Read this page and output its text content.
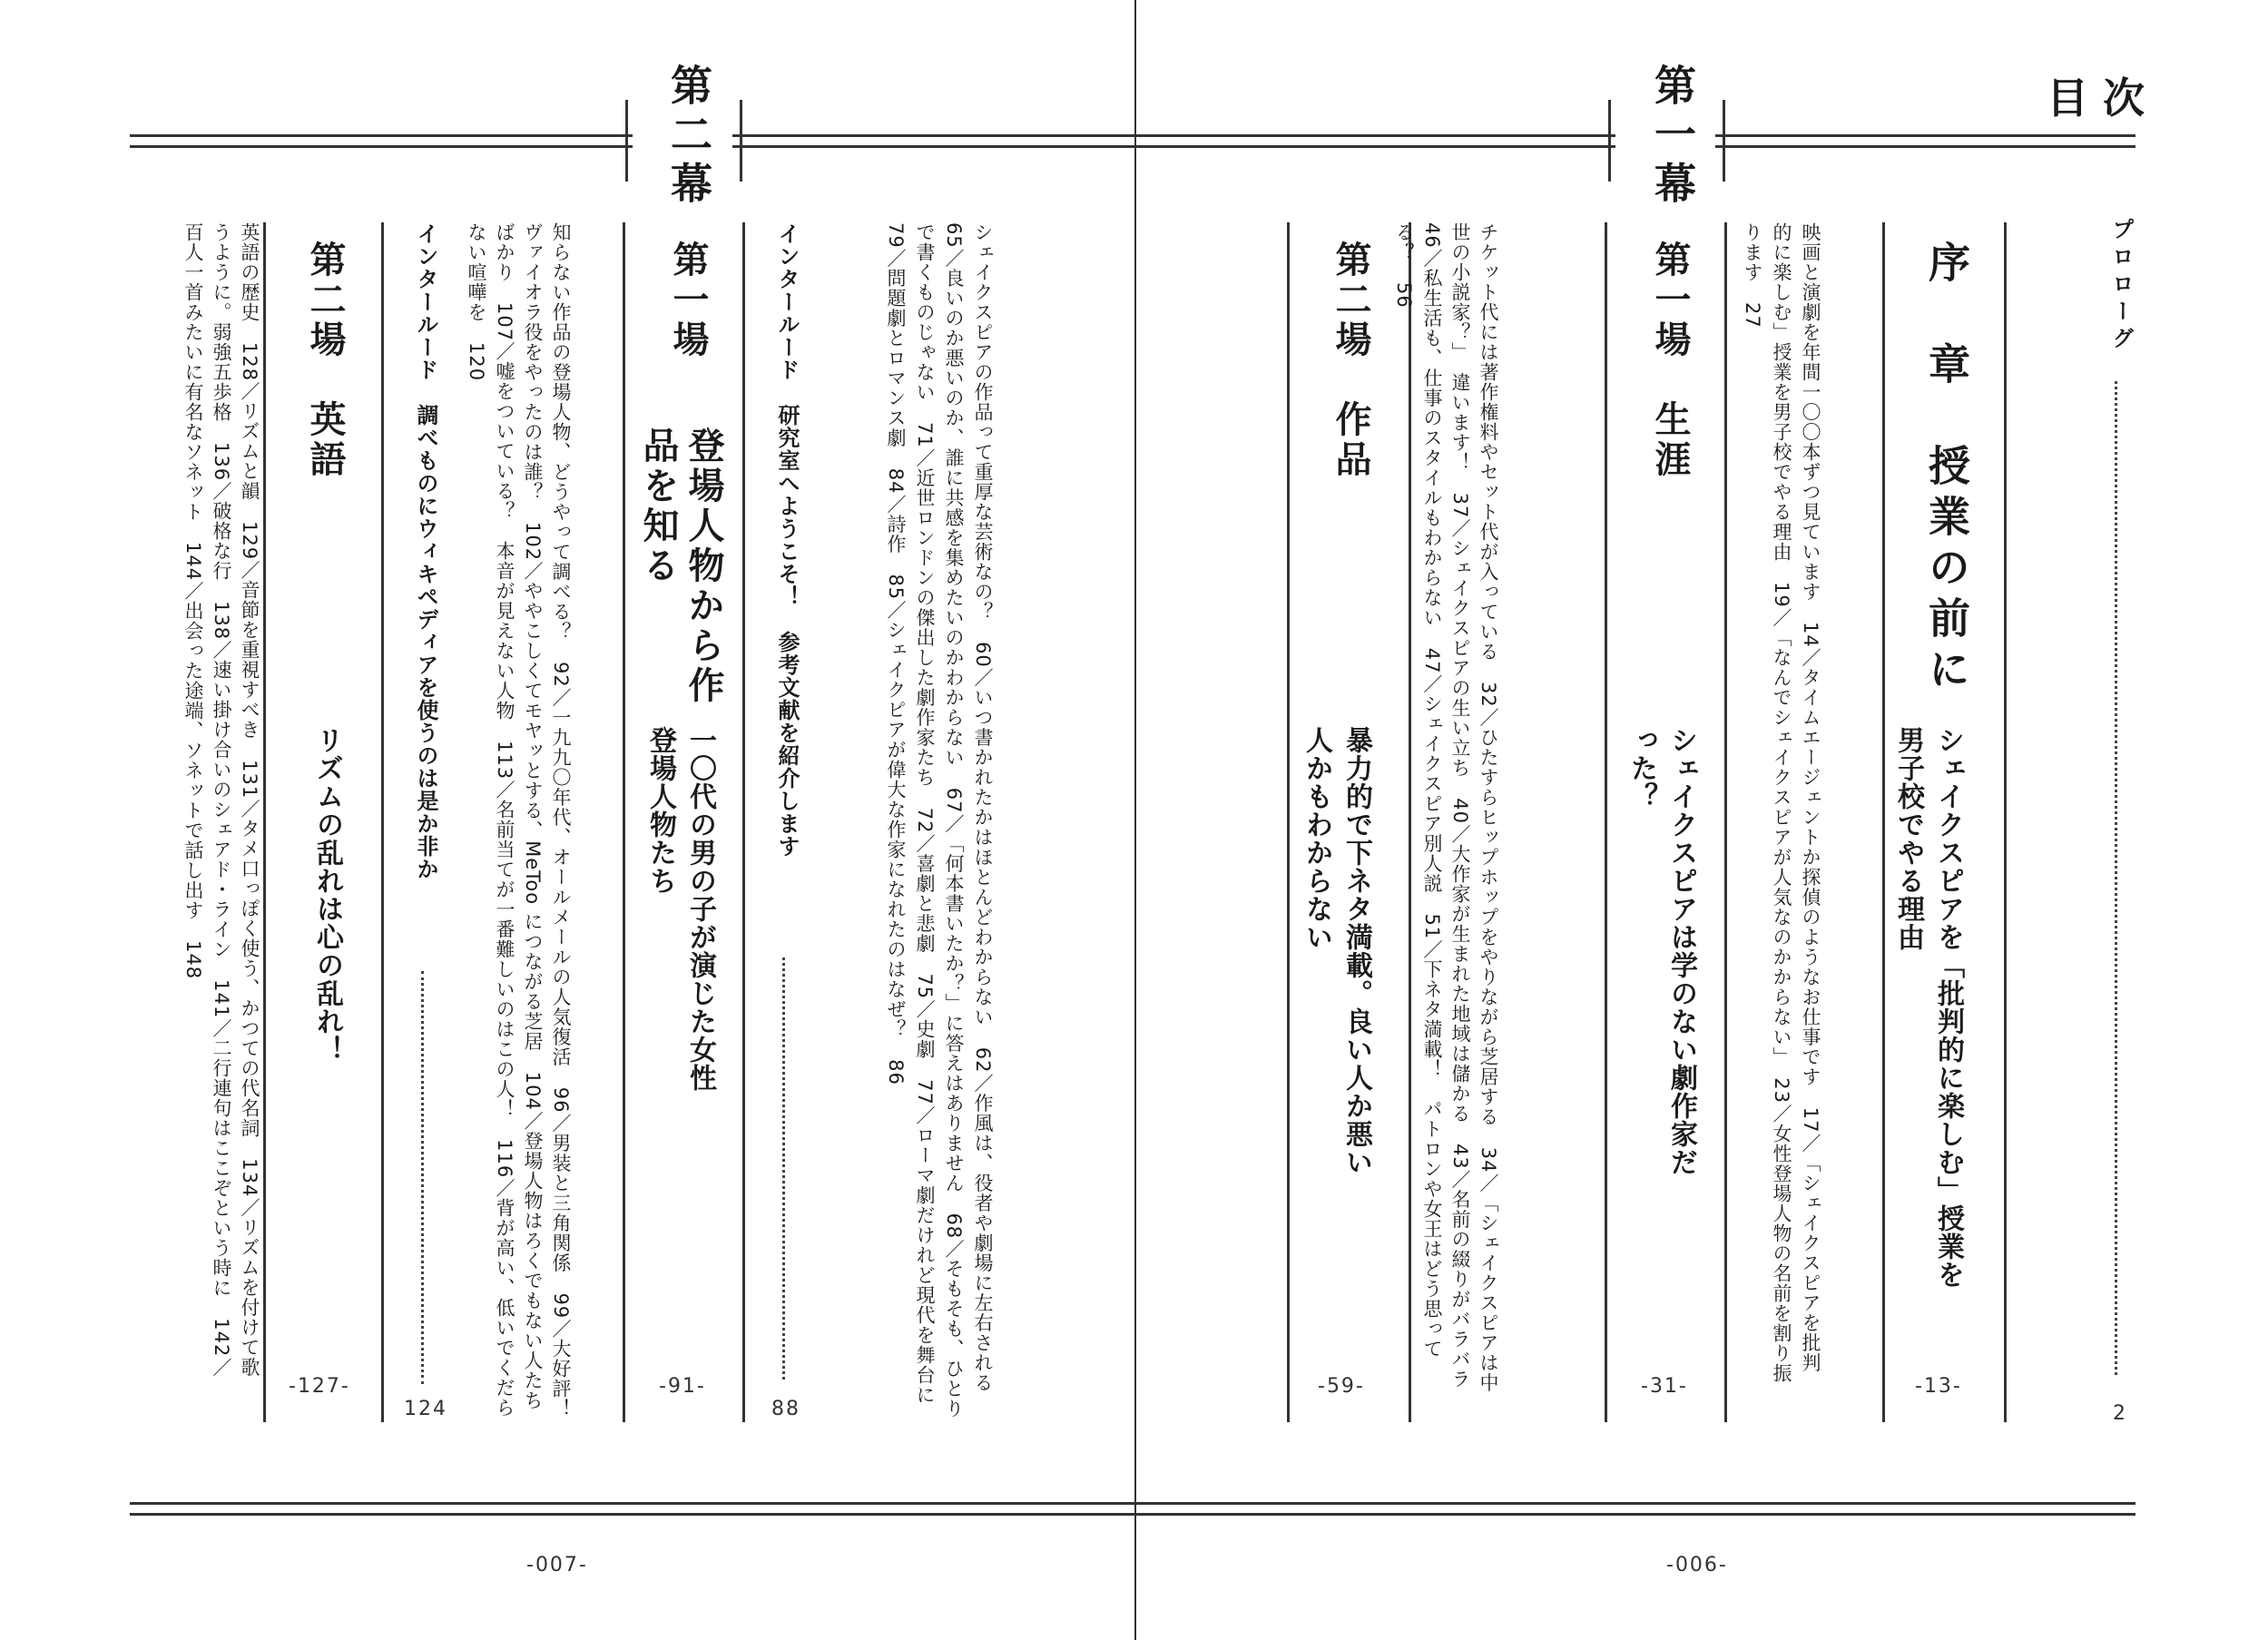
目次
プロローグ
2
序　章　授業の前に
シェイクスピアを「批判的に楽しむ」授業を男子校でやる理由
映画と演劇を年間一〇〇本ずつ見ています　14／タイムエージェントか探偵のようなお仕事です　17／「シェイクスピアを批判的に楽しむ」授業を男子校でやる理由　19／「なんでシェイクスピアが人気なのかからない」　23／女性登場人物の名前を割り振ります　27
-13-
第一幕
第一場　生涯
シェイクスピアは学のない劇作家だった？
チケット代には著作権料やセット代が入っている　32／ひたすらヒップホップをやりながら芝居する　34／「シェイクスピアは中世の小説家？」　違います！　37／シェイクスピアの生い立ち　40／大作家が生まれた地域は儲かる　43／名前の綴りがバラバラ　46／私生活も、仕事のスタイルもわからない　47／シェイクスピア別人説　51／下ネタ満載！　パトロンや女王はどう思ってる？　56
-31-
第二場　作品
暴力的で下ネタ満載。良い人か悪い人かもわからない
-59-
-006-
第二幕
シェイクスピアの作品って重厚な芸術なの？　60／いつ書かれたかはほとんどわからない　62／作風は、役者や劇場に左右される　65／良いのか悪いのか、誰に共感を集めたいのかわからない　67／「何本書いたか？」に答えはありません　68／そもそも、ひとりで書くものじゃない　71／近世ロンドンの傑出した劇作家たち　72／喜劇と悲劇　75／史劇　77／ローマ劇だけれど現代を舞台に　79／問題劇とロマンス劇　84／詩作　85／シェイクピアが偉大な作家になれたのはなぜ？　86
インタールード　研究室へようこそ！　参考文献を紹介します
88
第一場
登場人物から作品を知る
一〇代の男の子が演じた女性登場人物たち
知らない作品の登場人物、どうやって調べる？　92／一九九〇年代、オールメールの人気復活　96／男装と三角関係　99／大好評！　ヴァイオラ役をやったのは誰？　102／ややこしくてモヤッとする、MeToo につながる芝居　104／登場人物はろくでもない人たちばかり　107／嘘をついている？　本音が見えない人物　113／名前当てが一番難しいのはこの人！　116／背が高い、低いでくだらない喧嘩を　120
-91-
インタールード　調べものにウィキペディアを使うのは是か非か
124
第二場　英語
リズムの乱れは心の乱れ！
英語の歴史　128／リズムと韻　129／音節を重視すべき　131／タメ口っぽく使う、かつての代名詞　134／リズムを付けて歌うように。弱強五歩格　136／破格な行　138／速い掛け合いのシェアド・ライン　141／二行連句はここぞという時に　142／百人一首みたいに有名なソネット　144／出会った途端、ソネットで話し出す　148
-127-
-007-
